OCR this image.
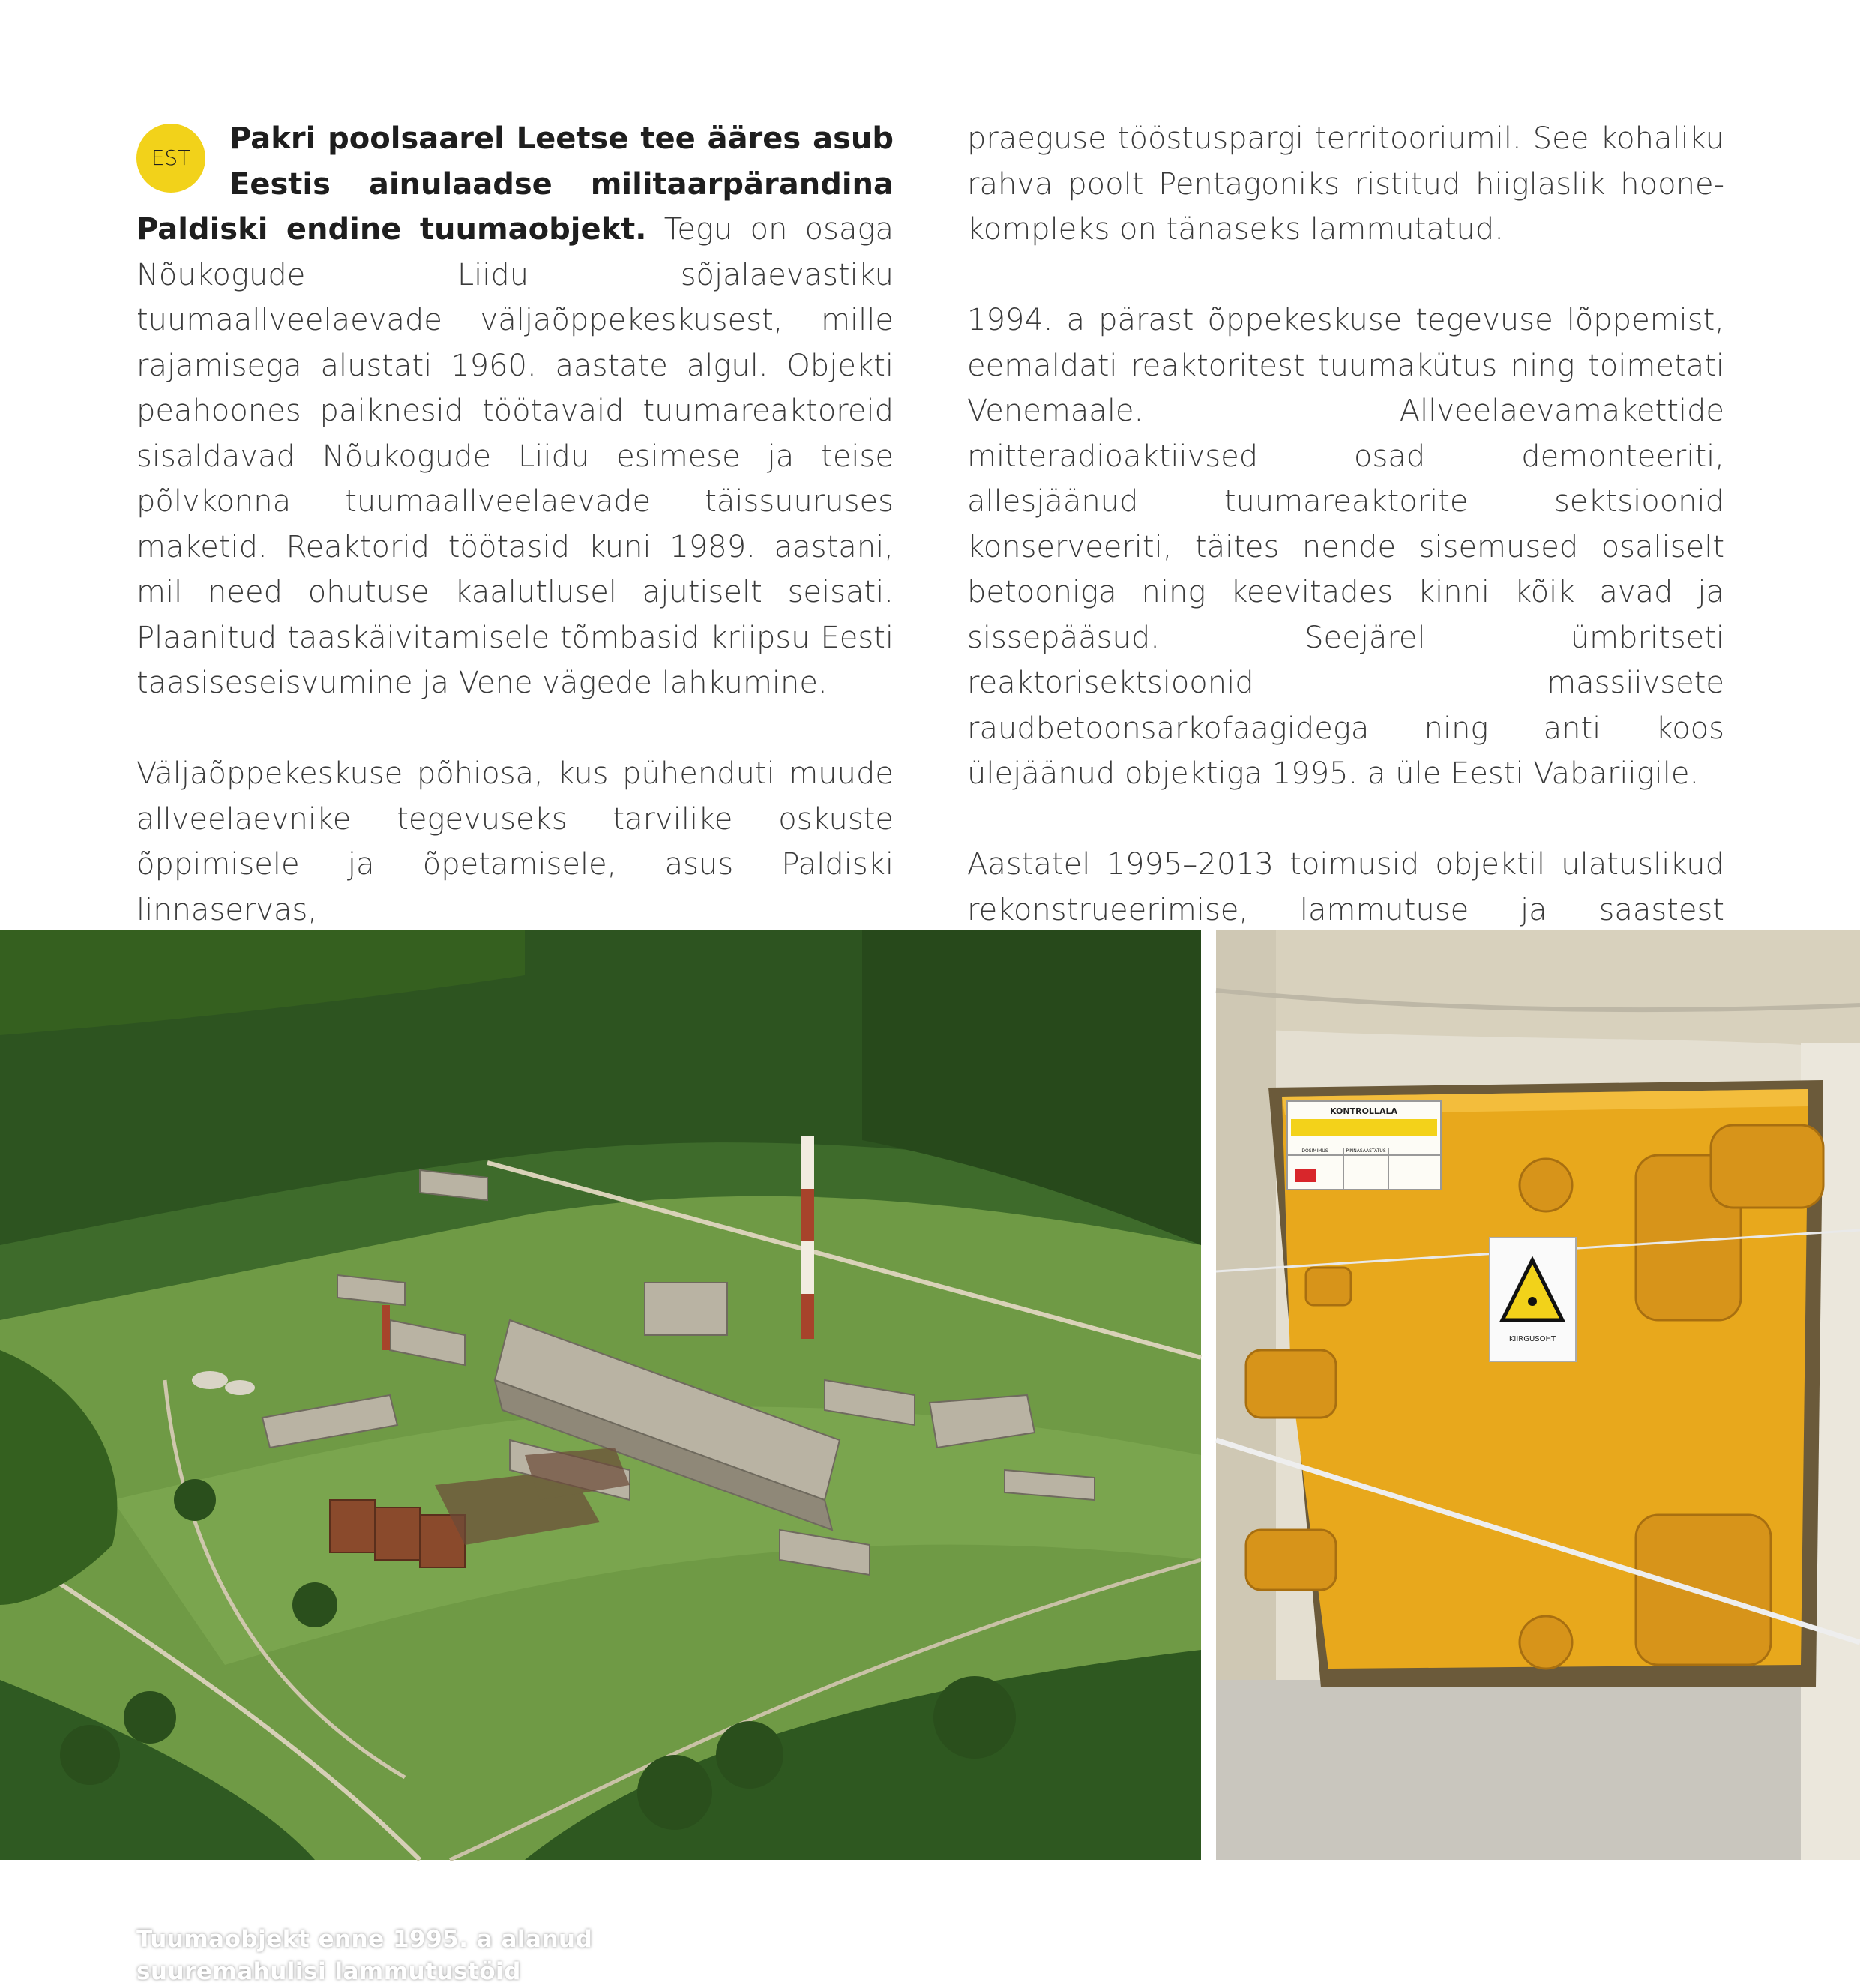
EST
Pakri poolsaarel Leetse tee ääres asub Eestis ainulaadse militaarpärandina Paldiski endine tuumaobjekt. Tegu on osaga Nõukogude Liidu sõjalaevastiku tuumaallveelaevade väljaõppekeskusest, mille rajamisega alustati 1960. aastate algul. Objekti peahoones paiknesid töötavaid tuumareaktoreid sisaldavad Nõukogude Liidu esimese ja teise põlvkonna tuumaallveelaevade täissuuruses maketid. Reaktorid töötasid kuni 1989. aastani, mil need ohutuse kaalutlusel ajutiselt seisati. Plaanitud taaskäivitamisele tõmbasid kriipsu Eesti taasiseseisvumine ja Vene vägede lahkumine.

Väljaõppekeskuse põhiosa, kus pühenduti muude allveelaevnike tegevuseks tarvilike oskuste õppimisele ja õpetamisele, asus Paldiski linnaservas,

praeguse tööstuspargi territooriumil. See kohaliku rahva poolt Pentagoniks ristitud hiiglaslik hoonekompleks on tänaseks lammutatud.

1994. a pärast õppekeskuse tegevuse lõppemist, eemaldati reaktoritest tuumakütus ning toimetati Venemaale. Allveelaevamakettide mitteradioaktiivsed osad demonteeriti, allesjäänud tuumareaktorite sektsioonid konserveeriti, täites nende sisemused osaliselt betooniga ning keevitades kinni kõik avad ja sissepääsud. Seejärel ümbritseti reaktorisektsioonid massiivsete raudbetoonsarkofaagidega ning anti koos ülejäänud objektiga 1995. a üle Eesti Vabariigile.

Aastatel 1995–2013 toimusid objektil ulatuslikud rekonstrueerimise, lammutuse ja saastest

Tuumaobjekt enne 1995. a alanud
suuremahulisi lammutustöid
KONTROLLALA
DOSIMIMUS	PINNASAASTATUS
KIIRGUSOHT
